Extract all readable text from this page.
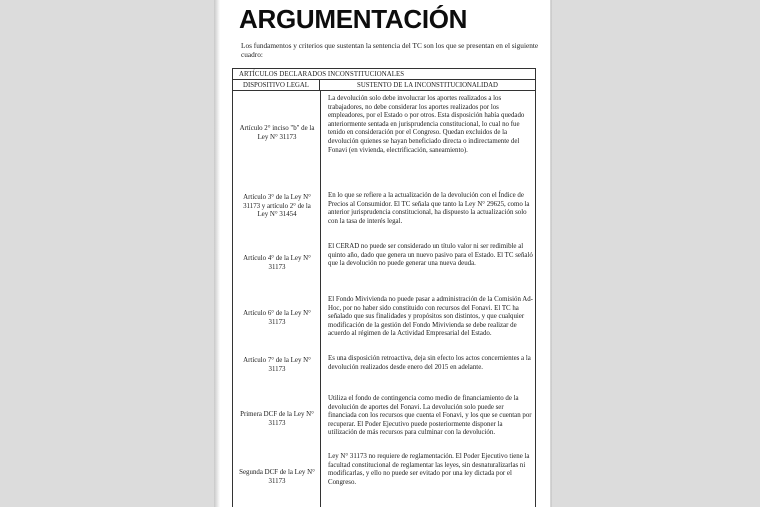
ARGUMENTACIÓN
Los fundamentos y criterios que sustentan la sentencia del TC son los que se presentan en el siguiente cuadro:
ARTÍCULOS DECLARADOS INCONSTITUCIONALES
DISPOSITIVO LEGAL	SUSTENTO DE LA INCONSTITUCIONALIDAD
Artículo 2° inciso "b" de la Ley N° 31173
La devolución solo debe involucrar los aportes realizados a los trabajadores, no debe considerar los aportes realizados por los empleadores, por el Estado o por otros. Esta disposición había quedado anteriormente sentada en jurisprudencia constitucional, lo cual no fue tenido en consideración por el Congreso. Quedan excluidos de la devolución quienes se hayan beneficiado directa o indirectamente del Fonavi (en vivienda, electrificación, saneamiento).
Artículo 3° de la Ley N° 31173 y artículo 2° de la Ley N° 31454
En lo que se refiere a la actualización de la devolución con el Índice de Precios al Consumidor. El TC señala que tanto la Ley N° 29625, como la anterior jurisprudencia constitucional, ha dispuesto la actualización solo con la tasa de interés legal.
Artículo 4° de la Ley N° 31173
El CERAD no puede ser considerado un título valor ni ser redimible al quinto año, dado que genera un nuevo pasivo para el Estado. El TC señaló que la devolución no puede generar una nueva deuda.
Artículo 6° de la Ley N° 31173
El Fondo Mivivienda no puede pasar a administración de la Comisión Ad-Hoc, por no haber sido constituido con recursos del Fonavi. El TC ha señalado que sus finalidades y propósitos son distintos, y que cualquier modificación de la gestión del Fondo Mivivienda se debe realizar de acuerdo al régimen de la Actividad Empresarial del Estado.
Artículo 7° de la Ley N° 31173
Es una disposición retroactiva, deja sin efecto los actos concernientes a la devolución realizados desde enero del 2015 en adelante.
Primera DCF de la Ley N° 31173
Utiliza el fondo de contingencia como medio de financiamiento de la devolución de aportes del Fonavi. La devolución solo puede ser financiada con los recursos que cuenta el Fonavi, y los que se cuentan por recuperar. El Poder Ejecutivo puede posteriormente disponer la utilización de más recursos para culminar con la devolución.
Segunda DCF de la Ley N° 31173
Ley N° 31173 no requiere de reglamentación. El Poder Ejecutivo tiene la facultad constitucional de reglamentar las leyes, sin desnaturalizarlas ni modificarlas, y ello no puede ser evitado por una ley dictada por el Congreso.
